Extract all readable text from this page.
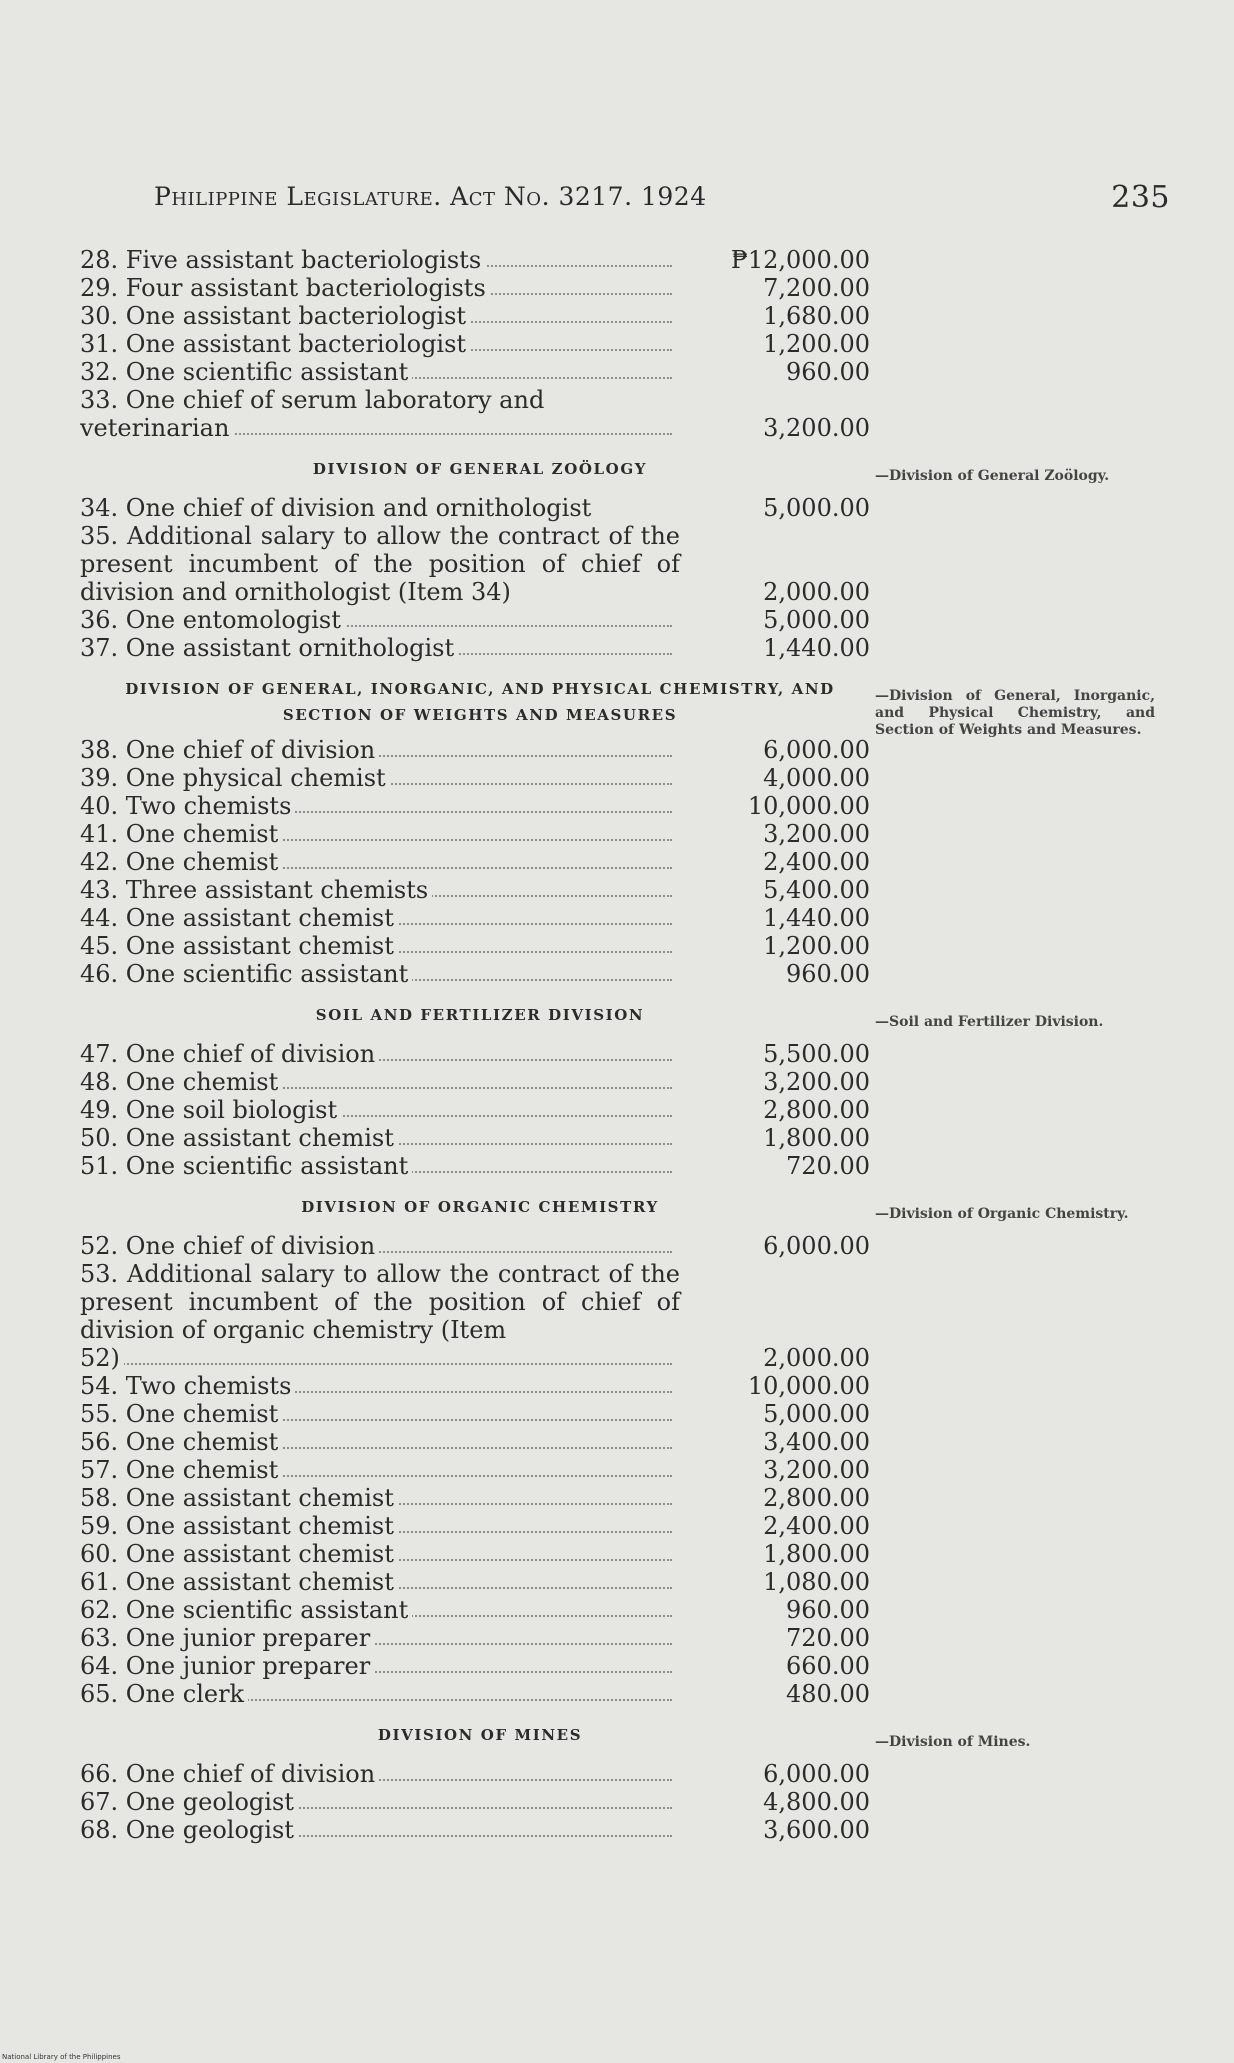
Philippine Legislature. Act No. 3217. 1924	235
28. Five assistant bacteriologists	₱12,000.00
29. Four assistant bacteriologists	7,200.00
30. One assistant bacteriologist	1,680.00
31. One assistant bacteriologist	1,200.00
32. One scientific assistant	960.00
33. One chief of serum laboratory and
veterinarian	3,200.00
DIVISION OF GENERAL ZOÖLOGY	—Division of General Zoölogy.
34. One chief of division and ornithologist	5,000.00
35. Additional salary to allow the contract of the present incumbent of the position of chief of division and ornithologist (Item 34)	2,000.00
36. One entomologist	5,000.00
37. One assistant ornithologist	1,440.00
DIVISION OF GENERAL, INORGANIC, AND PHYSICAL CHEMISTRY, AND
SECTION OF WEIGHTS AND MEASURES
—Division of General, Inorganic, and Physical Chemistry, and Section of Weights and Measures.
38. One chief of division	6,000.00
39. One physical chemist	4,000.00
40. Two chemists	10,000.00
41. One chemist	3,200.00
42. One chemist	2,400.00
43. Three assistant chemists	5,400.00
44. One assistant chemist	1,440.00
45. One assistant chemist	1,200.00
46. One scientific assistant	960.00
SOIL AND FERTILIZER DIVISION	—Soil and Fertilizer Division.
47. One chief of division	5,500.00
48. One chemist	3,200.00
49. One soil biologist	2,800.00
50. One assistant chemist	1,800.00
51. One scientific assistant	720.00
DIVISION OF ORGANIC CHEMISTRY	—Division of Organic Chemistry.
52. One chief of division	6,000.00
53. Additional salary to allow the contract of the present incumbent of the position of chief of division of organic chemistry (Item
52)	2,000.00
54. Two chemists	10,000.00
55. One chemist	5,000.00
56. One chemist	3,400.00
57. One chemist	3,200.00
58. One assistant chemist	2,800.00
59. One assistant chemist	2,400.00
60. One assistant chemist	1,800.00
61. One assistant chemist	1,080.00
62. One scientific assistant	960.00
63. One junior preparer	720.00
64. One junior preparer	660.00
65. One clerk	480.00
DIVISION OF MINES	—Division of Mines.
66. One chief of division	6,000.00
67. One geologist	4,800.00
68. One geologist	3,600.00
National Library of the Philippines
